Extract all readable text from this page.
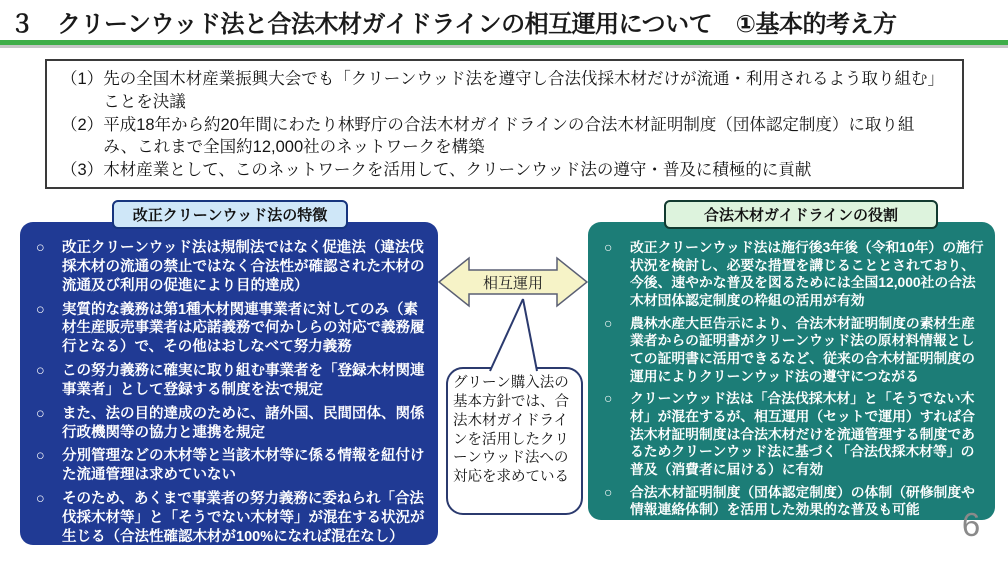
３　クリーンウッド法と合法木材ガイドラインの相互運用について　①基本的考え方
（1） 先の全国木材産業振興大会でも「クリーンウッド法を遵守し合法伐採木材だけが流通・利用されるよう取り組む」ことを決議
（2） 平成18年から約20年間にわたり林野庁の合法木材ガイドラインの合法木材証明制度（団体認定制度）に取り組み、これまで全国約12,000社のネットワークを構築
（3） 木材産業として、このネットワークを活用して、クリーンウッド法の遵守・普及に積極的に貢献
改正クリーンウッド法の特徴
○	改正クリーンウッド法は規制法ではなく促進法（違法伐採木材の流通の禁止ではなく合法性が確認された木材の流通及び利用の促進により目的達成）
○	実質的な義務は第1種木材関連事業者に対してのみ（素材生産販売事業者は応諾義務で何かしらの対応で義務履行となる）で、その他はおしなべて努力義務
○	この努力義務に確実に取り組む事業者を「登録木材関連事業者」として登録する制度を法で規定
○	また、法の目的達成のために、諸外国、民間団体、関係行政機関等の協力と連携を規定
○	分別管理などの木材等と当該木材等に係る情報を紐付けた流通管理は求めていない
○	そのため、あくまで事業者の努力義務に委ねられ「合法伐採木材等」と「そうでない木材等」が混在する状況が生じる（合法性確認木材が100%になれば混在なし）
合法木材ガイドラインの役割
○	改正クリーンウッド法は施行後3年後（令和10年）の施行状況を検討し、必要な措置を講じることとされており、今後、速やかな普及を図るためには全国12,000社の合法木材団体認定制度の枠組の活用が有効
○	農林水産大臣告示により、合法木材証明制度の素材生産業者からの証明書がクリーンウッド法の原材料情報としての証明書に活用できるなど、従来の合木材証明制度の運用によりクリーンウッド法の遵守につながる
○	クリーンウッド法は「合法伐採木材」と「そうでない木材」が混在するが、相互運用（セットで運用）すれば合法木材証明制度は合法木材だけを流通管理する制度であるためクリーンウッド法に基づく「合法伐採木材等」の普及（消費者に届ける）に有効
○	合法木材証明制度（団体認定制度）の体制（研修制度や情報連絡体制）を活用した効果的な普及も可能
相互運用
グリーン購入法の基本方針では、合法木材ガイドラインを活用したクリーンウッド法への対応を求めている
6
